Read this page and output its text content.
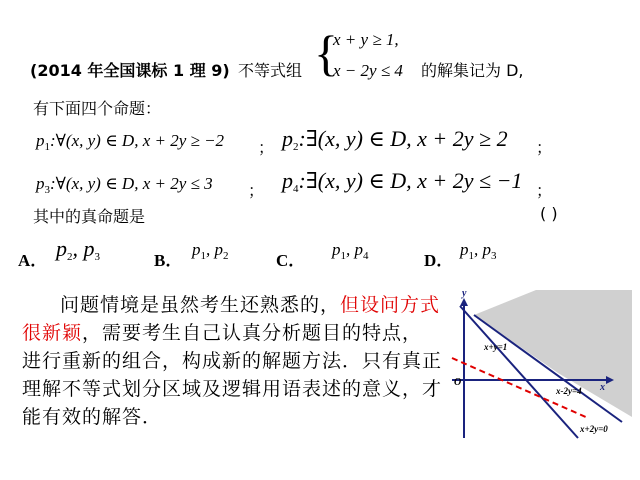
(2014 年全国课标 1 理 9) 不等式组 {
x + y ≥ 1,
x − 2y ≤ 4 的解集记为 D,
有下面四个命题：
$p_1:\forall(x$, y) ∈ D, x + 2y ≥ −2 ； $p_2:\exists(x$, y) ∈ D, x + 2y ≥ 2 ；
$p_3:\forall(x$, y) ∈ D, x + 2y ≤ 3 ； $p_4:\exists(x$, y) ∈ D, x + 2y ≤ −1 ；
其中的真命题是	( )
A． $p_2$, $p_3$	B．
$p_1$, $p_2$	C．
$p_1$, $p_4$	D．
$p_1$, $p_3$
问题情境是虽然考生还熟悉的，但设问方式很新颖，需要考生自己认真分析题目的特点，进行重新的组合，构成新的解题方法．只有真正理解不等式划分区域及逻辑用语表述的意义，才能有效的解答．
y
x
O
x+y=1
x-2y=4
x+2y=0
